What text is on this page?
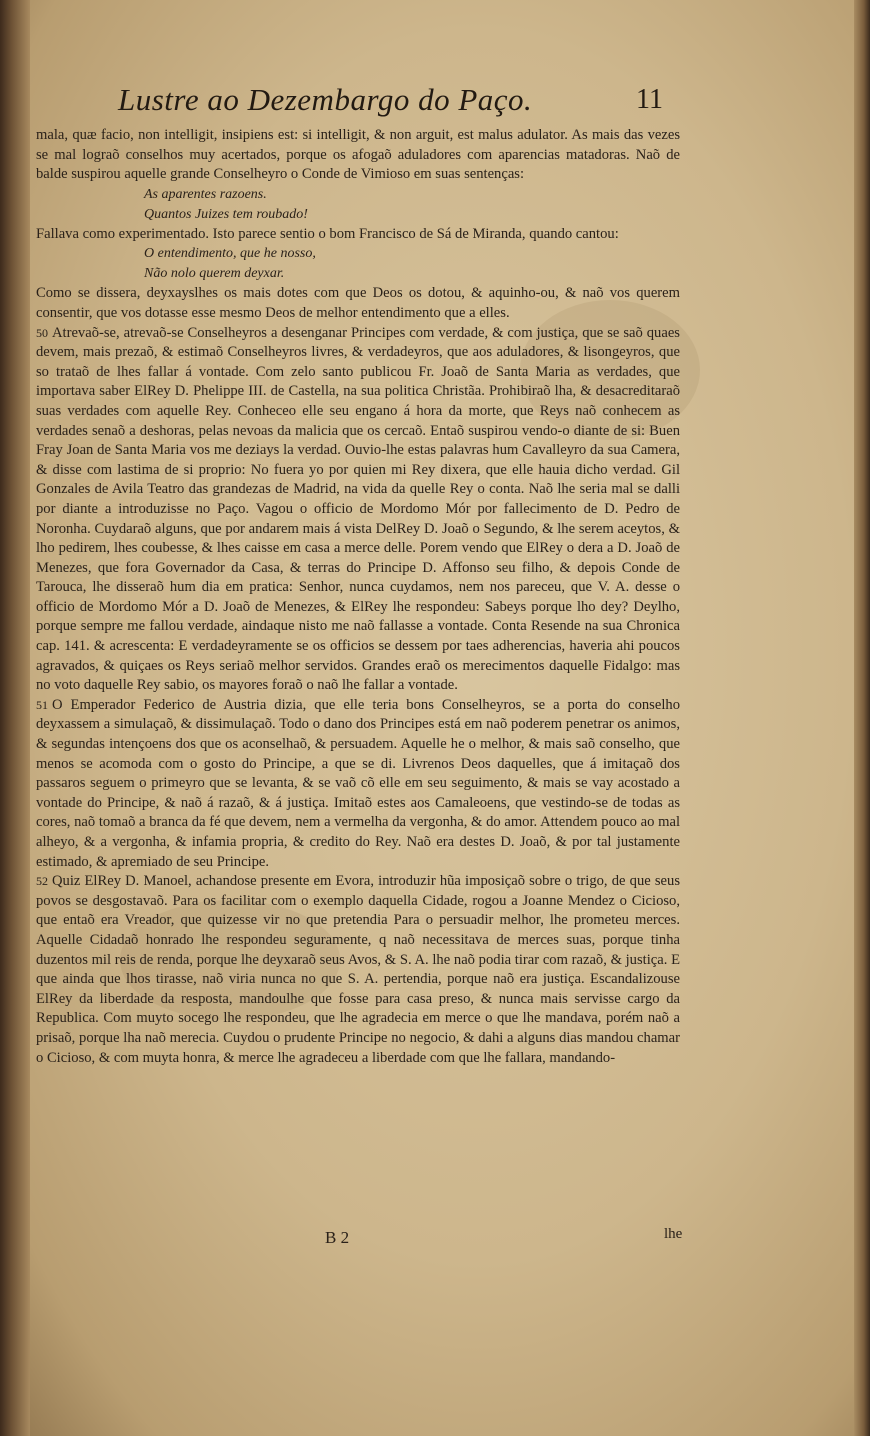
Lustre ao Dezembargo do Paço.	11

mala, quæ facio, non intelligit, insipiens est: si intelligit, & non arguit, est malus adulator. As mais das vezes se mal lograõ conselhos muy acertados, porque os afogaõ aduladores com aparencias matadoras. Naõ de balde suspirou aquelle grande Conselheyro o Conde de Vimioso em suas sentenças:

As aparentes razoens.
Quantos Juizes tem roubado!

Fallava como experimentado. Isto parece sentio o bom Francisco de Sá de Miranda, quando cantou:

O entendimento, que he nosso,
Não nolo querem deyxar.

Como se dissera, deyxayslhes os mais dotes com que Deos os dotou, & aquinho-ou, & naõ vos querem consentir, que vos dotasse esse mesmo Deos de melhor entendimento que a elles.

50 Atrevaõ-se, atrevaõ-se Conselheyros a desenganar Principes com verdade, & com justiça, que se saõ quaes devem, mais prezaõ, & estimaõ Conselheyros livres, & verdadeyros, que aos aduladores, & lisongeyros, que so trataõ de lhes fallar á vontade. Com zelo santo publicou Fr. Joaõ de Santa Maria as verdades, que importava saber ElRey D. Phelippe III. de Castella, na sua politica Christãa. Prohibiraõ lha, & desacreditaraõ suas verdades com aquelle Rey. Conheceo elle seu engano á hora da morte, que Reys naõ conhecem as verdades senaõ a deshoras, pelas nevoas da malicia que os cercaõ. Entaõ suspirou vendo-o diante de si: Buen Fray Joan de Santa Maria vos me deziays la verdad. Ouvio-lhe estas palavras hum Cavalleyro da sua Camera, & disse com lastima de si proprio: No fuera yo por quien mi Rey dixera, que elle hauia dicho verdad. Gil Gonzales de Avila Teatro das grandezas de Madrid, na vida da quelle Rey o conta. Naõ lhe seria mal se dalli por diante a introduzisse no Paço. Vagou o officio de Mordomo Mór por fallecimento de D. Pedro de Noronha. Cuydaraõ alguns, que por andarem mais á vista DelRey D. Joaõ o Segundo, & lhe serem aceytos, & lho pedirem, lhes coubesse, & lhes caisse em casa a merce delle. Porem vendo que ElRey o dera a D. Joaõ de Menezes, que fora Governador da Casa, & terras do Principe D. Affonso seu filho, & depois Conde de Tarouca, lhe disseraõ hum dia em pratica: Senhor, nunca cuydamos, nem nos pareceu, que V. A. desse o officio de Mordomo Mór a D. Joaõ de Menezes, & ElRey lhe respondeu: Sabeys porque lho dey? Deylho, porque sempre me fallou verdade, aindaque nisto me naõ fallasse a vontade. Conta Resende na sua Chronica cap. 141. & acrescenta: E verdadeyramente se os officios se dessem por taes adherencias, haveria ahi poucos agravados, & quiçaes os Reys seriaõ melhor servidos. Grandes eraõ os merecimentos daquelle Fidalgo: mas no voto daquelle Rey sabio, os mayores foraõ o naõ lhe fallar a vontade.

51 O Emperador Federico de Austria dizia, que elle teria bons Conselheyros, se a porta do conselho deyxassem a simulaçaõ, & dissimulaçaõ. Todo o dano dos Principes está em naõ poderem penetrar os animos, & segundas intençoens dos que os aconselhaõ, & persuadem. Aquelle he o melhor, & mais saõ conselho, que menos se acomoda com o gosto do Principe, a que se di. Livrenos Deos daquelles, que á imitaçaõ dos passaros seguem o primeyro que se levanta, & se vaõ cõ elle em seu seguimento, & mais se vay acostado a vontade do Principe, & naõ á razaõ, & á justiça. Imitaõ estes aos Camaleoens, que vestindo-se de todas as cores, naõ tomaõ a branca da fé que devem, nem a vermelha da vergonha, & do amor. Attendem pouco ao mal alheyo, & a vergonha, & infamia propria, & credito do Rey. Naõ era destes D. Joaõ, & por tal justamente estimado, & apremiado de seu Principe.

52 Quiz ElRey D. Manoel, achandose presente em Evora, introduzir hũa imposiçaõ sobre o trigo, de que seus povos se desgostavaõ. Para os facilitar com o exemplo daquella Cidade, rogou a Joanne Mendez o Cicioso, que entaõ era Vreador, que quizesse vir no que pretendia Para o persuadir melhor, lhe prometeu merces. Aquelle Cidadaõ honrado lhe respondeu seguramente, q naõ necessitava de merces suas, porque tinha duzentos mil reis de renda, porque lhe deyxaraõ seus Avos, & S. A. lhe naõ podia tirar com razaõ, & justiça. E que ainda que lhos tirasse, naõ viria nunca no que S. A. pertendia, porque naõ era justiça. Escandalizouse ElRey da liberdade da resposta, mandoulhe que fosse para casa preso, & nunca mais servisse cargo da Republica. Com muyto socego lhe respondeu, que lhe agradecia em merce o que lhe mandava, porém naõ a prisaõ, porque lha naõ merecia. Cuydou o prudente Principe no negocio, & dahi a alguns dias mandou chamar o Cicioso, & com muyta honra, & merce lhe agradeceu a liberdade com que lhe fallara, mandando-

B 2	lhe
